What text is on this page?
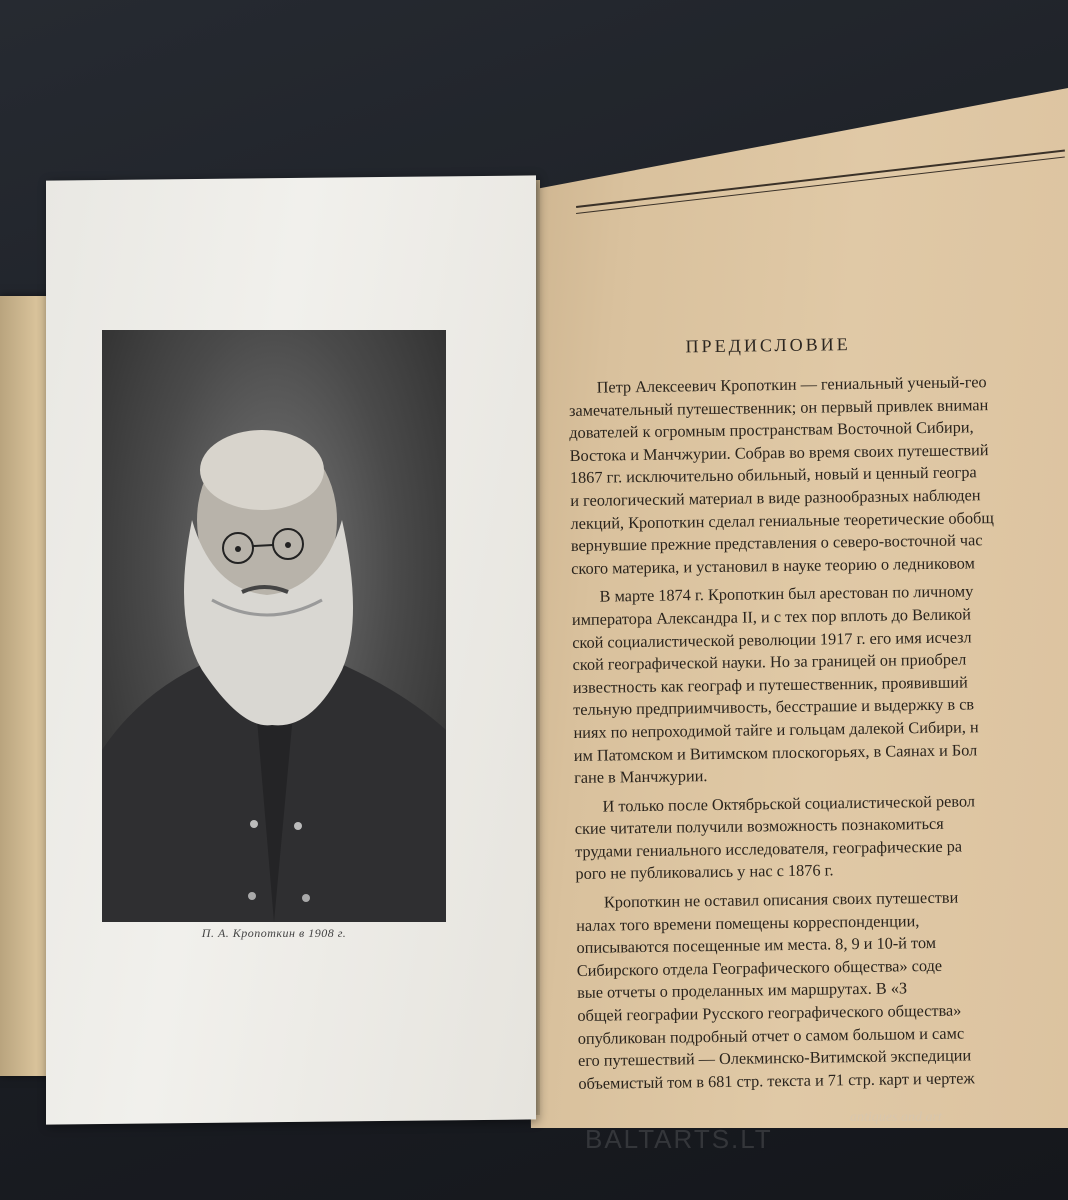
П. А. Кропоткин в 1908 г.
ПРЕДИСЛОВИЕ

Петр Алексеевич Кропоткин — гениальный ученый-гео
замечательный путешественник; он первый привлек вниман
дователей к огромным пространствам Восточной Сибири,
Востока и Манчжурии. Собрав во время своих путешествий
1867 гг. исключительно обильный, новый и ценный геогра
и геологический материал в виде разнообразных наблюден
лекций, Кропоткин сделал гениальные теоретические обобщ
вернувшие прежние представления о северо-восточной час
ского материка, и установил в науке теорию о ледниковом

В марте 1874 г. Кропоткин был арестован по личному
императора Александра II, и с тех пор вплоть до Великой
ской социалистической революции 1917 г. его имя исчезл
ской географической науки. Но за границей он приобрел
известность как географ и путешественник, проявивший
тельную предприимчивость, бесстрашие и выдержку в св
ниях по непроходимой тайге и гольцам далекой Сибири, н
им Патомском и Витимском плоскогорьях, в Саянах и Бол
гане в Манчжурии.

И только после Октябрьской социалистической револ
ские читатели получили возможность познакомиться
трудами гениального исследователя, географические ра
рого не публиковались у нас с 1876 г.

Кропоткин не оставил описания своих путешестви
налах того времени помещены корреспонденции,
описываются посещенные им места. 8, 9 и 10-й том
Сибирского отдела Географического общества» соде
вые отчеты о проделанных им маршрутах. В «З
общей географии Русского географического общества»
опубликован подробный отчет о самом большом и самс
его путешествий — Олекминско-Витимской экспедиции
объемистый том в 681 стр. текста и 71 стр. карт и чертеж

antiques and art
BALTARTS.LT
